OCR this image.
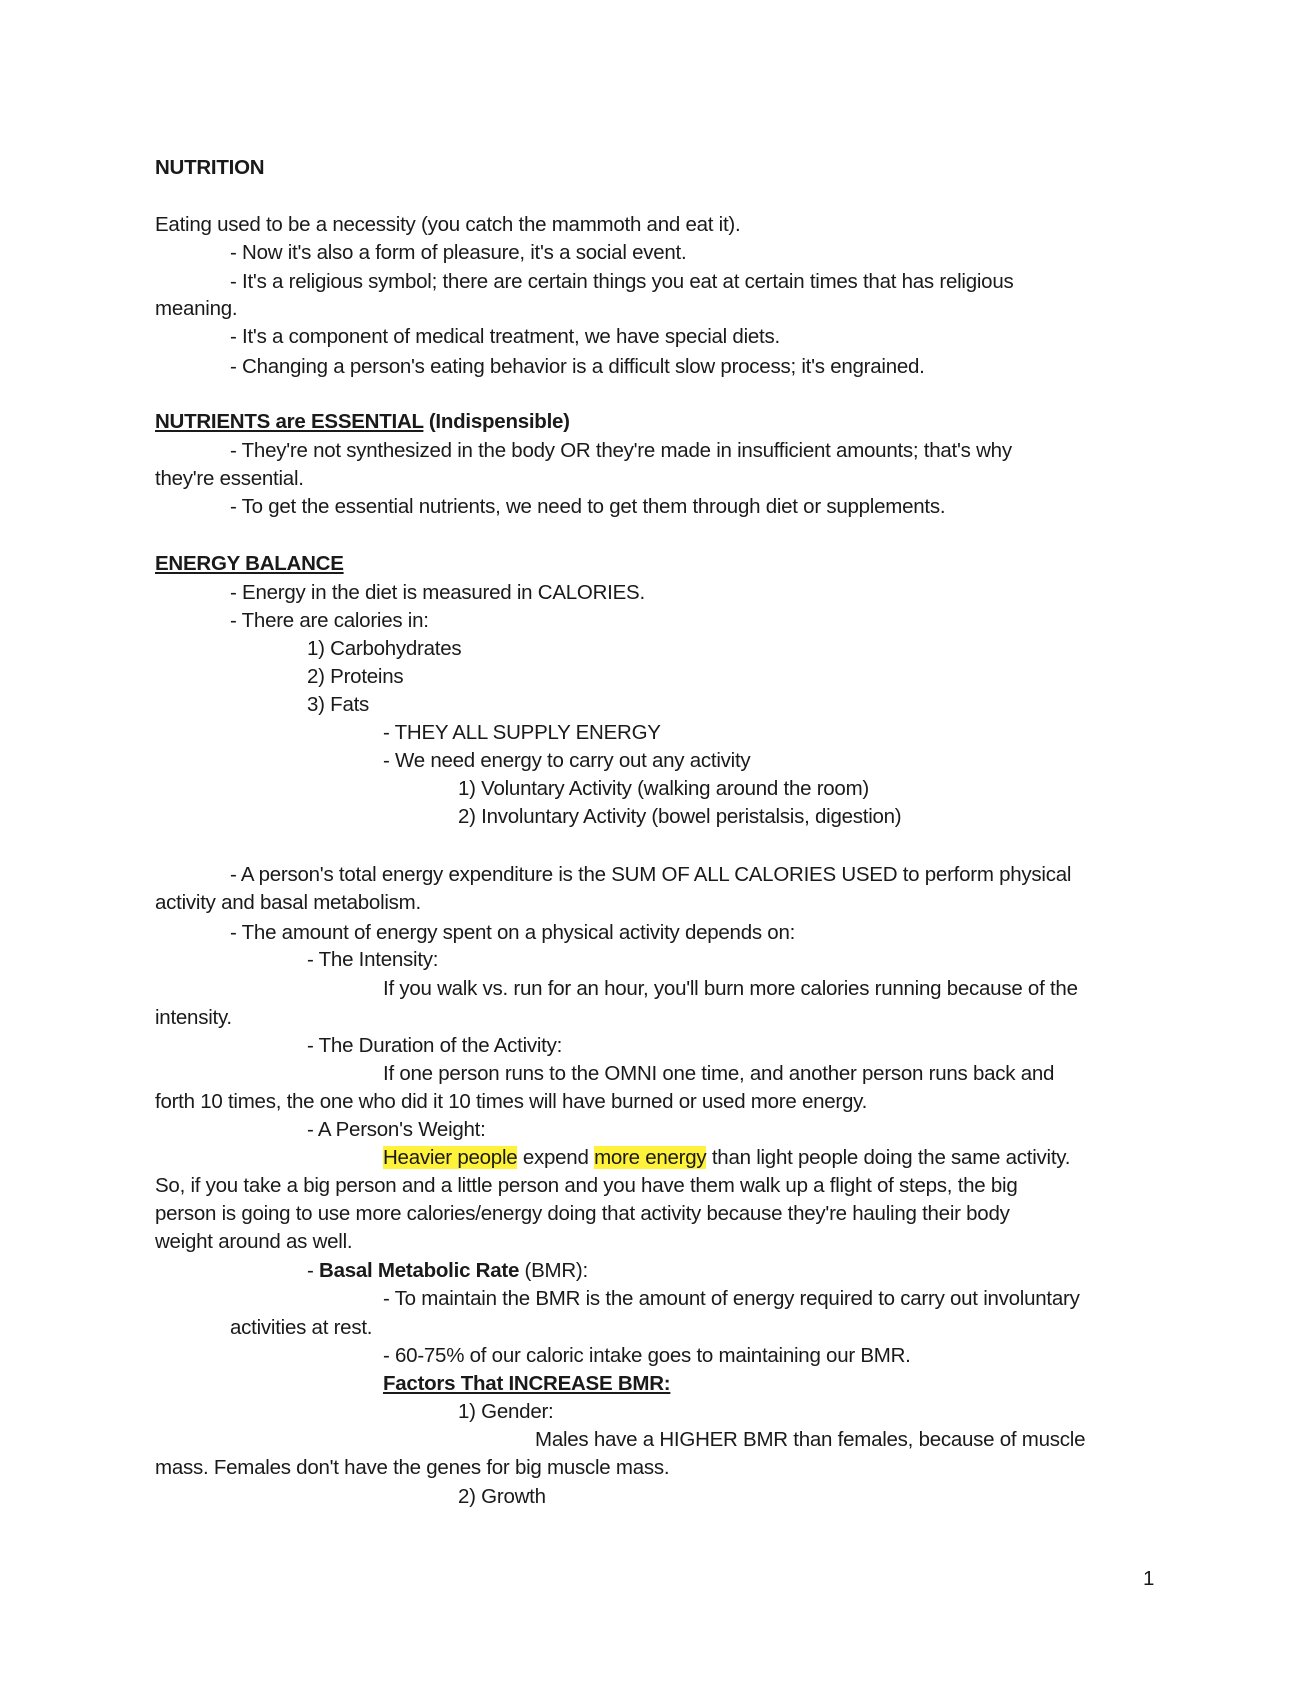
NUTRITION
Eating used to be a necessity (you catch the mammoth and eat it).
- Now it's also a form of pleasure, it's a social event.
- It's a religious symbol; there are certain things you eat at certain times that has religious
meaning.
- It's a component of medical treatment, we have special diets.
- Changing a person's eating behavior is a difficult slow process; it's engrained.
NUTRIENTS are ESSENTIAL (Indispensible)
- They're not synthesized in the body OR they're made in insufficient amounts; that's why
they're essential.
- To get the essential nutrients, we need to get them through diet or supplements.
ENERGY BALANCE
- Energy in the diet is measured in CALORIES.
- There are calories in:
1) Carbohydrates
2) Proteins
3) Fats
- THEY ALL SUPPLY ENERGY
- We need energy to carry out any activity
1) Voluntary Activity (walking around the room)
2) Involuntary Activity (bowel peristalsis, digestion)
- A person's total energy expenditure is the SUM OF ALL CALORIES USED to perform physical
activity and basal metabolism.
- The amount of energy spent on a physical activity depends on:
- The Intensity:
If you walk vs. run for an hour, you'll burn more calories running because of the
intensity.
- The Duration of the Activity:
If one person runs to the OMNI one time, and another person runs back and
forth 10 times, the one who did it 10 times will have burned or used more energy.
- A Person's Weight:
Heavier people expend more energy than light people doing the same activity.
So, if you take a big person and a little person and you have them walk up a flight of steps, the big
person is going to use more calories/energy doing that activity because they're hauling their body
weight around as well.
- Basal Metabolic Rate (BMR):
- To maintain the BMR is the amount of energy required to carry out involuntary
activities at rest.
- 60-75% of our caloric intake goes to maintaining our BMR.
Factors That INCREASE BMR:
1) Gender:
Males have a HIGHER BMR than females, because of muscle
mass. Females don't have the genes for big muscle mass.
2) Growth
1
